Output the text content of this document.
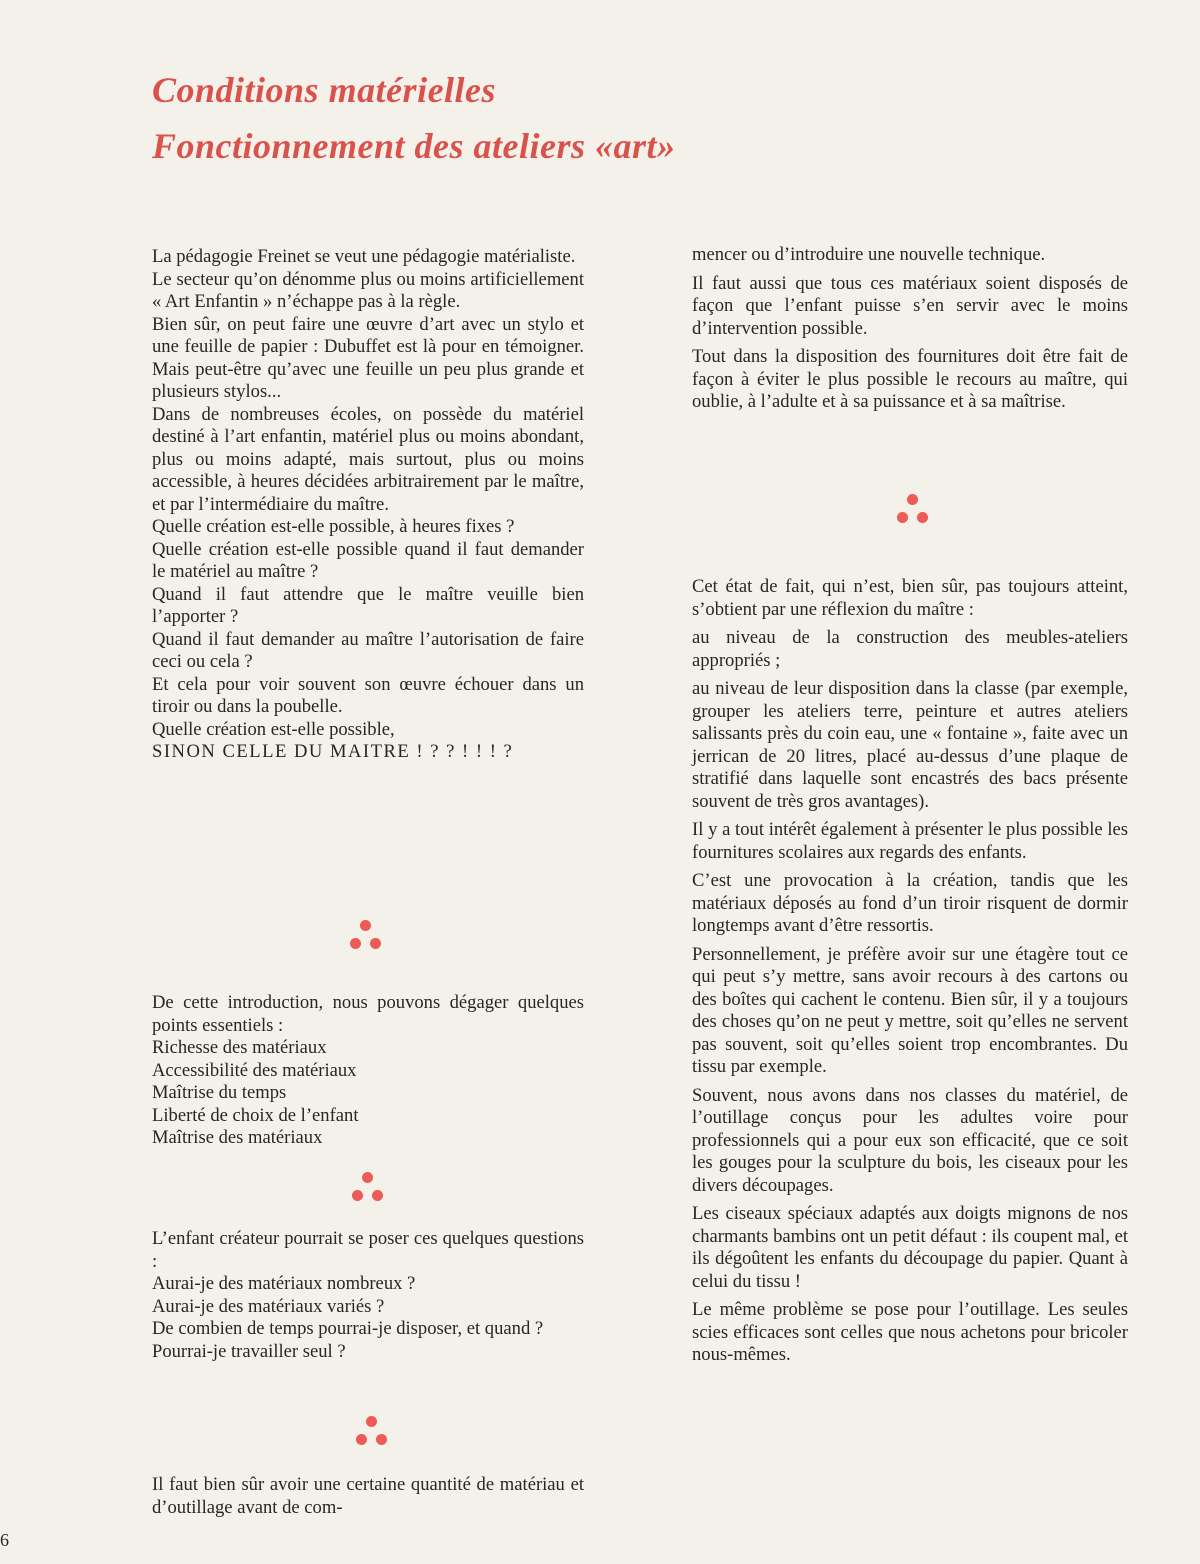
Conditions matérielles
Fonctionnement des ateliers «art»

La pédagogie Freinet se veut une pédagogie matérialiste.

Le secteur qu’on dénomme plus ou moins artificiellement « Art Enfantin » n’échappe pas à la règle.

Bien sûr, on peut faire une œuvre d’art avec un stylo et une feuille de papier : Dubuffet est là pour en témoigner. Mais peut-être qu’avec une feuille un peu plus grande et plusieurs stylos...

Dans de nombreuses écoles, on possède du matériel destiné à l’art enfantin, matériel plus ou moins abondant, plus ou moins adapté, mais surtout, plus ou moins accessible, à heures décidées arbitrairement par le maître, et par l’intermédiaire du maître.

Quelle création est-elle possible, à heures fixes ?

Quelle création est-elle possible quand il faut demander le matériel au maître ?

Quand il faut attendre que le maître veuille bien l’apporter ?

Quand il faut demander au maître l’autorisation de faire ceci ou cela ?

Et cela pour voir souvent son œuvre échouer dans un tiroir ou dans la poubelle.

Quelle création est-elle possible,

SINON CELLE DU MAITRE ! ? ? ! ! ! ?

De cette introduction, nous pouvons dégager quelques points essentiels :

Richesse des matériaux
Accessibilité des matériaux
Maîtrise du temps
Liberté de choix de l’enfant
Maîtrise des matériaux

L’enfant créateur pourrait se poser ces quelques questions :

Aurai-je des matériaux nombreux ?
Aurai-je des matériaux variés ?
De combien de temps pourrai-je disposer, et quand ?
Pourrai-je travailler seul ?

Il faut bien sûr avoir une certaine quantité de matériau et d’outillage avant de com-

mencer ou d’introduire une nouvelle technique.

Il faut aussi que tous ces matériaux soient disposés de façon que l’enfant puisse s’en servir avec le moins d’intervention possible.

Tout dans la disposition des fournitures doit être fait de façon à éviter le plus possible le recours au maître, qui oublie, à l’adulte et à sa puissance et à sa maîtrise.

Cet état de fait, qui n’est, bien sûr, pas toujours atteint, s’obtient par une réflexion du maître :

au niveau de la construction des meubles-ateliers appropriés ;

au niveau de leur disposition dans la classe (par exemple, grouper les ateliers terre, peinture et autres ateliers salissants près du coin eau, une « fontaine », faite avec un jerrican de 20 litres, placé au-dessus d’une plaque de stratifié dans laquelle sont encastrés des bacs présente souvent de très gros avantages).

Il y a tout intérêt également à présenter le plus possible les fournitures scolaires aux regards des enfants.

C’est une provocation à la création, tandis que les matériaux déposés au fond d’un tiroir risquent de dormir longtemps avant d’être ressortis.

Personnellement, je préfère avoir sur une étagère tout ce qui peut s’y mettre, sans avoir recours à des cartons ou des boîtes qui cachent le contenu. Bien sûr, il y a toujours des choses qu’on ne peut y mettre, soit qu’elles ne servent pas souvent, soit qu’elles soient trop encombrantes. Du tissu par exemple.

Souvent, nous avons dans nos classes du matériel, de l’outillage conçus pour les adultes voire pour professionnels qui a pour eux son efficacité, que ce soit les gouges pour la sculpture du bois, les ciseaux pour les divers découpages.

Les ciseaux spéciaux adaptés aux doigts mignons de nos charmants bambins ont un petit défaut : ils coupent mal, et ils dégoûtent les enfants du découpage du papier. Quant à celui du tissu !

Le même problème se pose pour l’outillage. Les seules scies efficaces sont celles que nous achetons pour bricoler nous-mêmes.

6
